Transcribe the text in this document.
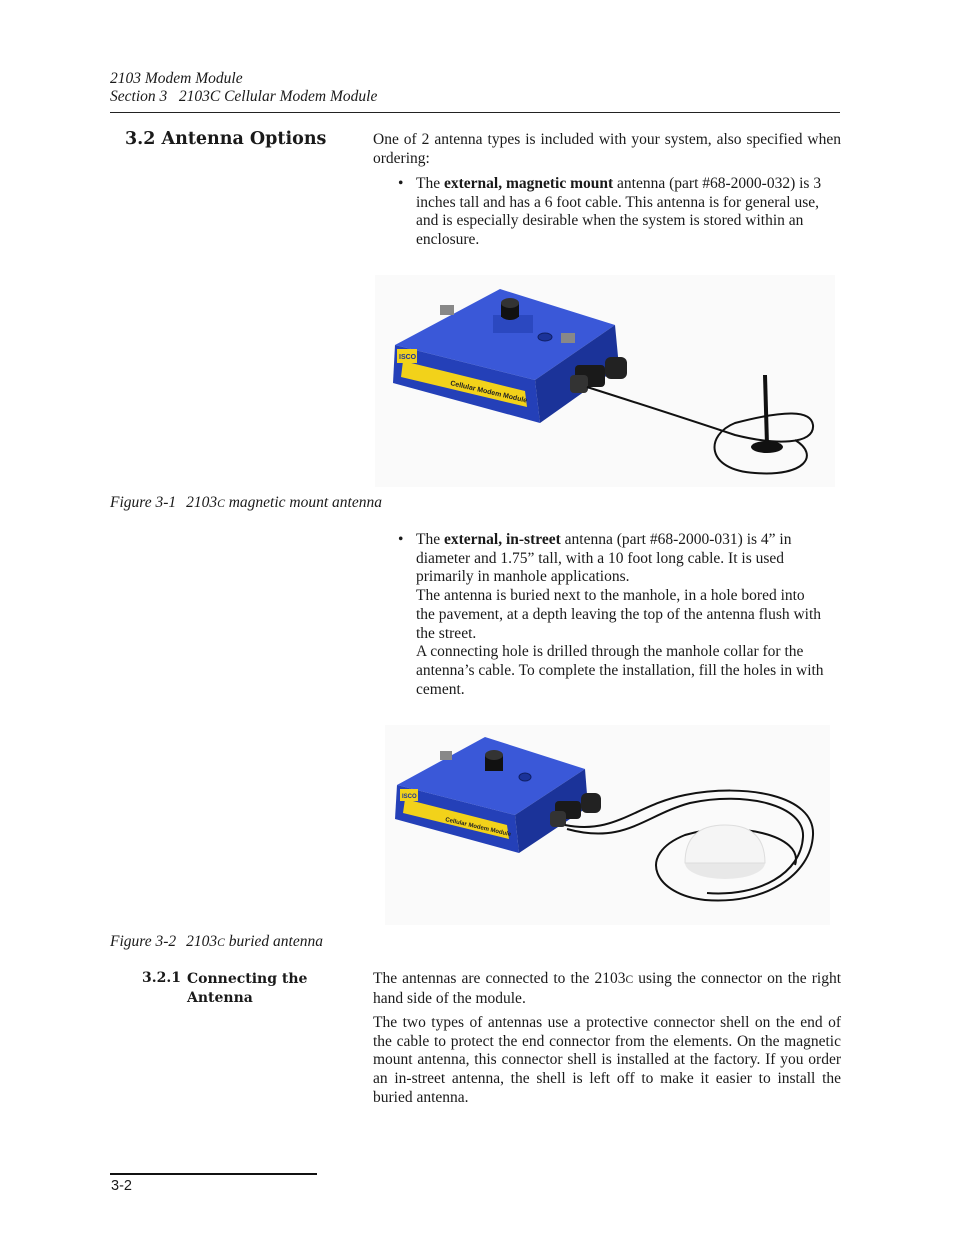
2103 Modem Module
Section 3   2103C Cellular Modem Module
3.2 Antenna Options	One of 2 antenna types is included with your system, also specified when ordering:
• The external, magnetic mount antenna (part #68-2000-032) is 3 inches tall and has a 6 foot cable. This antenna is for general use, and is especially desirable when the system is stored within an enclosure.
Cellular Modem Module
ISCO
Figure 3-1 2103C magnetic mount antenna
• The external, in-street antenna (part #68-2000-031) is 4” in diameter and 1.75” tall, with a 10 foot long cable. It is used primarily in manhole applications.
The antenna is buried next to the manhole, in a hole bored into the pavement, at a depth leaving the top of the antenna flush with the street.
A connecting hole is drilled through the manhole collar for the antenna’s cable. To complete the installation, fill the holes in with cement.
Cellular Modem Module
ISCO
Figure 3-2 2103C buried antenna
3.2.1 Connecting the Antenna
The antennas are connected to the 2103C using the connector on the right hand side of the module.
The two types of antennas use a protective connector shell on the end of the cable to protect the end connector from the elements. On the magnetic mount antenna, this connector shell is installed at the factory. If you order an in-street antenna, the shell is left off to make it easier to install the buried antenna.
3-2
